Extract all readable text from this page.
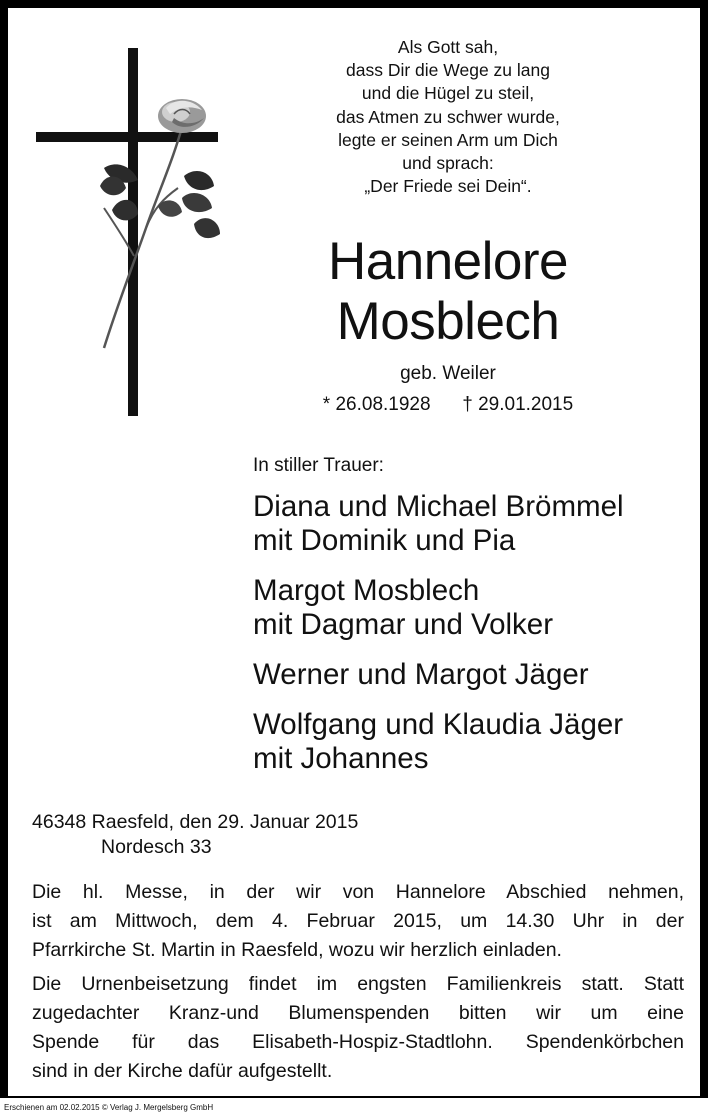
Als Gott sah,
dass Dir die Wege zu lang
und die Hügel zu steil,
das Atmen zu schwer wurde,
legte er seinen Arm um Dich
und sprach:
„Der Friede sei Dein“.
Hannelore
Mosblech
geb. Weiler
* 26.08.1928 † 29.01.2015
In stiller Trauer:
Diana und Michael Brömmel
mit Dominik und Pia
Margot Mosblech
mit Dagmar und Volker
Werner und Margot Jäger
Wolfgang und Klaudia Jäger
mit Johannes
46348 Raesfeld, den 29. Januar 2015
Nordesch 33
Die hl. Messe, in der wir von Hannelore Abschied nehmen,
ist am Mittwoch, dem 4. Februar 2015, um 14.30 Uhr in der
Pfarrkirche St. Martin in Raesfeld, wozu wir herzlich einladen.
Die Urnenbeisetzung findet im engsten Familienkreis statt. Statt
zugedachter Kranz-und Blumenspenden bitten wir um eine
Spende für das Elisabeth-Hospiz-Stadtlohn. Spendenkörbchen
sind in der Kirche dafür aufgestellt.
Erschienen am 02.02.2015 © Verlag J. Mergelsberg GmbH
